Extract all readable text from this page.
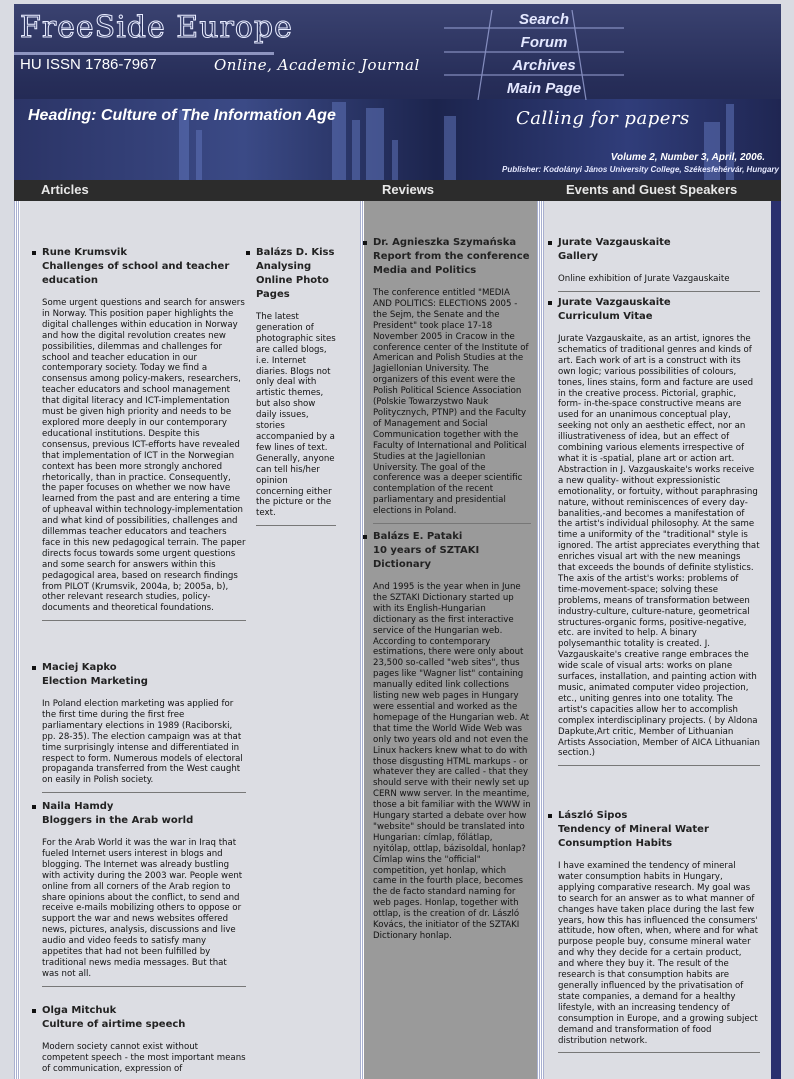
FreeSide Europe
HU ISSN 1786-7967	Online, Academic Journal
Search
Forum
Archives
Main Page
Heading: Culture of The Information Age	Calling for papers
Volume 2, Number 3, April, 2006.
Publisher: Kodolányi János University College, Székesfehérvár, Hungary
Articles	Reviews	Events and Guest Speakers
Rune Krumsvik
Challenges of school and teacher education
Some urgent questions and search for answers in Norway. This position paper highlights the digital challenges within education in Norway and how the digital revolution creates new possibilities, dilemmas and challenges for school and teacher education in our contemporary society. Today we find a consensus among policy-makers, researchers, teacher educators and school management that digital literacy and ICT-implementation must be given high priority and needs to be explored more deeply in our contemporary educational institutions. Despite this consensus, previous ICT-efforts have revealed that implementation of ICT in the Norwegian context has been more strongly anchored rhetorically, than in practice. Consequently, the paper focuses on whether we now have learned from the past and are entering a time of upheaval within technology-implementation and what kind of possibilities, challenges and dillemmas teacher educators and teachers face in this new pedagogical terrain. The paper directs focus towards some urgent questions and some search for answers within this pedagogical area, based on research findings from PILOT (Krumsvik, 2004a, b; 2005a, b), other relevant research studies, policy-documents and theoretical foundations.
Maciej Kapko
Election Marketing
In Poland election marketing was applied for the first time during the first free parliamentary elections in 1989 (Raciborski, pp. 28-35). The election campaign was at that time surprisingly intense and differentiated in respect to form. Numerous models of electoral propaganda transferred from the West caught on easily in Polish society.
Naila Hamdy
Bloggers in the Arab world
For the Arab World it was the war in Iraq that fueled Internet users interest in blogs and blogging. The Internet was already bustling with activity during the 2003 war. People went online from all corners of the Arab region to share opinions about the conflict, to send and receive e-mails mobilizing others to oppose or support the war and news websites offered news, pictures, analysis, discussions and live audio and video feeds to satisfy many appetites that had not been fulfilled by traditional news media messages. But that was not all.
Olga Mitchuk
Culture of airtime speech
Modern society cannot exist without competent speech - the most important means of communication, expression of
Balázs D. Kiss
Analysing Online Photo Pages
The latest generation of photographic sites are called blogs, i.e. Internet diaries. Blogs not only deal with artistic themes, but also show daily issues, stories accompanied by a few lines of text. Generally, anyone can tell his/her opinion concerning either the picture or the text.
Dr. Agnieszka Szymańska
Report from the conference Media and Politics
The conference entitled "MEDIA AND POLITICS: ELECTIONS 2005 - the Sejm, the Senate and the President" took place 17-18 November 2005 in Cracow in the conference center of the Institute of American and Polish Studies at the Jagiellonian University. The organizers of this event were the Polish Political Science Association (Polskie Towarzystwo Nauk Politycznych, PTNP) and the Faculty of Management and Social Communication together with the Faculty of International and Political Studies at the Jagiellonian University. The goal of the conference was a deeper scientific contemplation of the recent parliamentary and presidential elections in Poland.
Balázs E. Pataki
10 years of SZTAKI Dictionary
And 1995 is the year when in June the SZTAKI Dictionary started up with its English-Hungarian dictionary as the first interactive service of the Hungarian web. According to contemporary estimations, there were only about 23,500 so-called "web sites", thus pages like "Wagner list" containing manually edited link collections listing new web pages in Hungary were essential and worked as the homepage of the Hungarian web. At that time the World Wide Web was only two years old and not even the Linux hackers knew what to do with those disgusting HTML markups - or whatever they are called - that they should serve with their newly set up CERN www server. In the meantime, those a bit familiar with the WWW in Hungary started a debate over how "website" should be translated into Hungarian: címlap, főlátlap, nyitólap, ottlap, bázisoldal, honlap? Címlap wins the "official" competition, yet honlap, which came in the fourth place, becomes the de facto standard naming for web pages. Honlap, together with ottlap, is the creation of dr. László Kovács, the initiator of the SZTAKI Dictionary honlap.
Jurate Vazgauskaite
Gallery
Online exhibition of Jurate Vazgauskaite
Jurate Vazgauskaite
Curriculum Vitae
Jurate Vazgauskaite, as an artist, ignores the schematics of traditional genres and kinds of art. Each work of art is a construct with its own logic; various possibilities of colours, tones, lines stains, form and facture are used in the creative process. Pictorial, graphic, form- in-the-space constructive means are used for an unanimous conceptual play, seeking not only an aesthetic effect, nor an illiustrativeness of idea, but an effect of combining various elements irrespective of what it is -spatial, plane art or action art. Abstraction in J. Vazgauskaite's works receive a new quality- without expressionistic emotionality, or fortuity, without paraphrasing nature, without reminiscences of every day-banalities,-and becomes a manifestation of the artist's individual philosophy. At the same time a uniformity of the "traditional" style is ignored. The artist appreciates everything that enriches visual art with the new meanings that exceeds the bounds of definite stylistics. The axis of the artist's works: problems of time-movement-space; solving these problems, means of transformation between industry-culture, culture-nature, geometrical structures-organic forms, positive-negative, etc. are invited to help. A binary polysemanthic totality is created. J. Vazgauskaite's creative range embraces the wide scale of visual arts: works on plane surfaces, installation, and painting action with music, animated computer video projection, etc., uniting genres into one totality. The artist's capacities allow her to accomplish complex interdisciplinary projects. ( by Aldona Dapkute,Art critic, Member of Lithuanian Artists Association, Member of AICA Lithuanian section.)
László Sipos
Tendency of Mineral Water Consumption Habits
I have examined the tendency of mineral water consumption habits in Hungary, applying comparative research. My goal was to search for an answer as to what manner of changes have taken place during the last few years, how this has influenced the consumers' attitude, how often, when, where and for what purpose people buy, consume mineral water and why they decide for a certain product, and where they buy it. The result of the research is that consumption habits are generally influenced by the privatisation of state companies, a demand for a healthy lifestyle, with an increasing tendency of consumption in Europe, and a growing subject demand and transformation of food distribution network.
